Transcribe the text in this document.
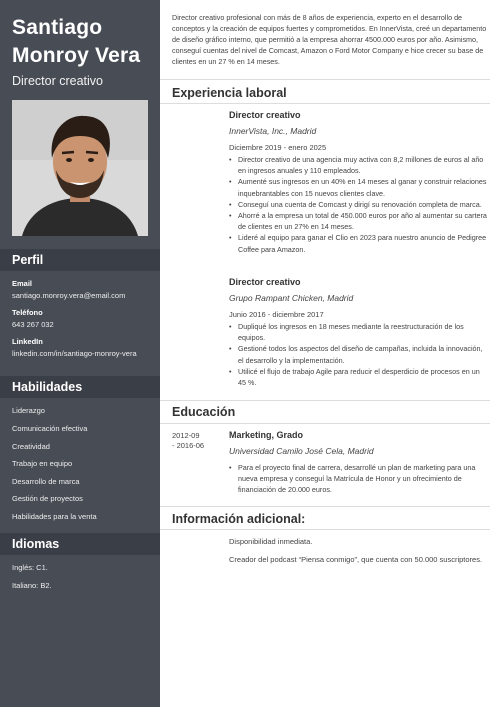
Santiago
Monroy Vera
Director creativo
Perfil
Email
santiago.monroy.vera@email.com
Teléfono
643 267 032
LinkedIn
linkedin.com/in/santiago-monroy-vera
Habilidades
Liderazgo
Comunicación efectiva
Creatividad
Trabajo en equipo
Desarrollo de marca
Gestión de proyectos
Habilidades para la venta
Idiomas
Inglés: C1.
Italiano: B2.
Director creativo profesional con más de 8 años de experiencia, experto en el desarrollo de conceptos y la creación de equipos fuertes y comprometidos. En InnerVista, creé un departamento de diseño gráfico interno, que permitió a la empresa ahorrar 4500.000 euros por año. Asimismo, conseguí cuentas del nivel de Comcast, Amazon o Ford Motor Company e hice crecer su base de clientes en un 27 % en 14 meses.
Experiencia laboral
Director creativo
InnerVista, Inc., Madrid
Diciembre 2019 - enero 2025
• Director creativo de una agencia muy activa con 8,2 millones de euros al año en ingresos anuales y 110 empleados.
• Aumenté sus ingresos en un 40% en 14 meses al ganar y construir relaciones inquebrantables con 15 nuevos clientes clave.
• Conseguí una cuenta de Comcast y dirigí su renovación completa de marca.
• Ahorré a la empresa un total de 450.000 euros por año al aumentar su cartera de clientes en un 27% en 14 meses.
• Lideré al equipo para ganar el Clio en 2023 para nuestro anuncio de Pedigree Coffee para Amazon.
Director creativo
Grupo Rampant Chicken, Madrid
Junio 2016 - diciembre 2017
• Dupliqué los ingresos en 18 meses mediante la reestructuración de los equipos.
• Gestioné todos los aspectos del diseño de campañas, incluida la innovación, el desarrollo y la implementación.
• Utilicé el flujo de trabajo Agile para reducir el desperdicio de procesos en un 45 %.
Educación
2012-09
- 2016-06
Marketing, Grado
Universidad Camilo José Cela, Madrid
• Para el proyecto final de carrera, desarrollé un plan de marketing para una nueva empresa y conseguí la Matrícula de Honor y un ofrecimiento de financiación de 20.000 euros.
Información adicional:
Disponibilidad inmediata.
Creador del podcast “Piensa conmigo”, que cuenta con 50.000 suscriptores.
